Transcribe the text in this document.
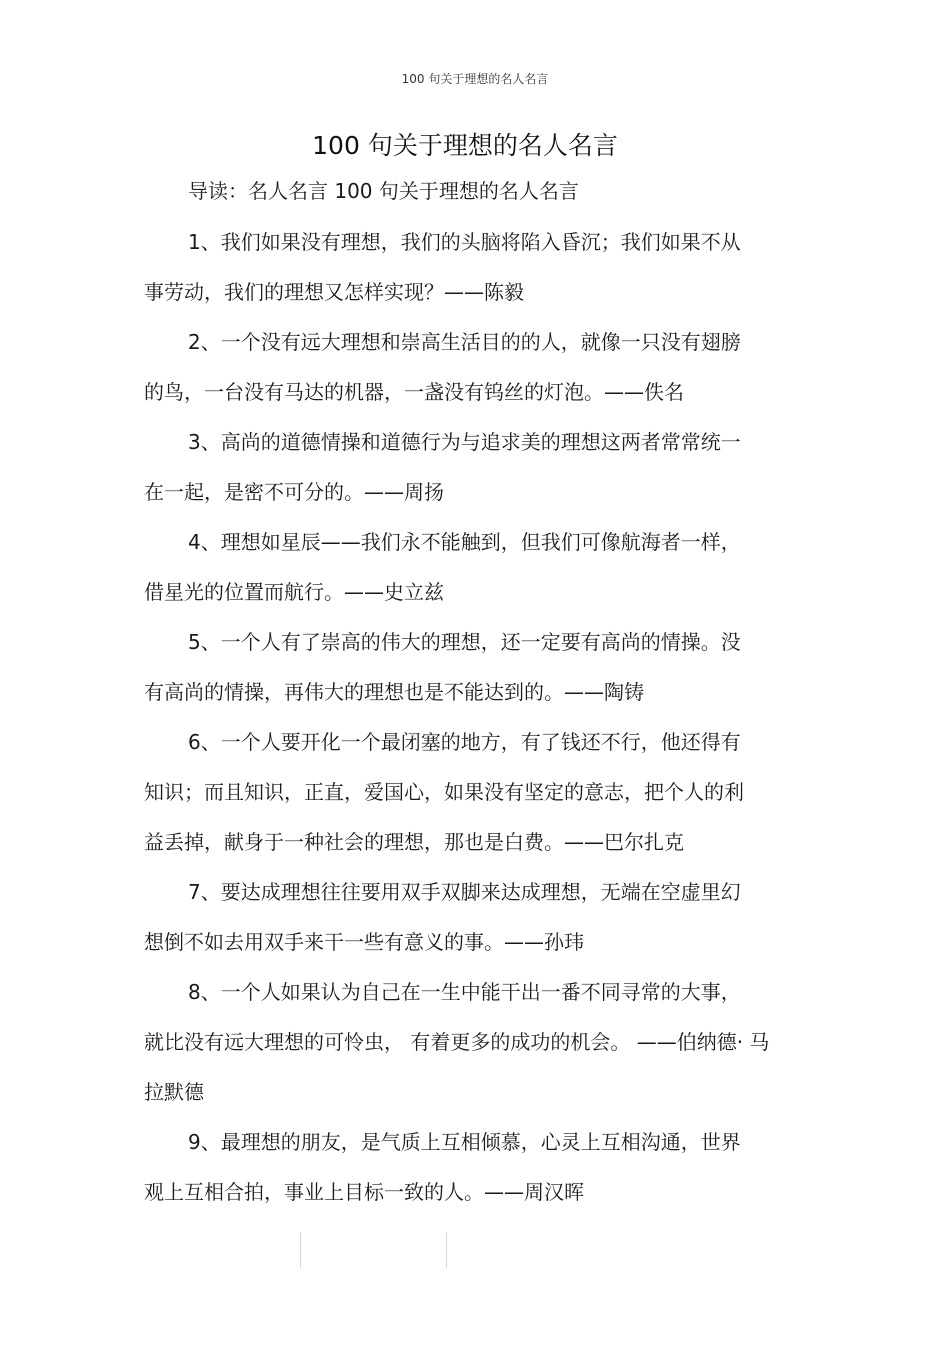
100 句关于理想的名人名言
100 句关于理想的名人名言
导读：名人名言 100 句关于理想的名人名言
1、我们如果没有理想，我们的头脑将陷入昏沉；我们如果不从
事劳动，我们的理想又怎样实现？——陈毅
2、一个没有远大理想和崇高生活目的的人，就像一只没有翅膀
的鸟，一台没有马达的机器，一盏没有钨丝的灯泡。——佚名
3、高尚的道德情操和道德行为与追求美的理想这两者常常统一
在一起，是密不可分的。——周扬
4、理想如星辰——我们永不能触到，但我们可像航海者一样，
借星光的位置而航行。——史立兹
5、一个人有了崇高的伟大的理想，还一定要有高尚的情操。没
有高尚的情操，再伟大的理想也是不能达到的。——陶铸
6、一个人要开化一个最闭塞的地方，有了钱还不行，他还得有
知识；而且知识，正直，爱国心，如果没有坚定的意志，把个人的利
益丢掉，献身于一种社会的理想，那也是白费。——巴尔扎克
7、要达成理想往往要用双手双脚来达成理想，无端在空虚里幻
想倒不如去用双手来干一些有意义的事。——孙玮
8、一个人如果认为自己在一生中能干出一番不同寻常的大事，
就比没有远大理想的可怜虫， 有着更多的成功的机会。 ——伯纳德· 马
拉默德
9、最理想的朋友，是气质上互相倾慕，心灵上互相沟通，世界
观上互相合拍，事业上目标一致的人。——周汉晖
